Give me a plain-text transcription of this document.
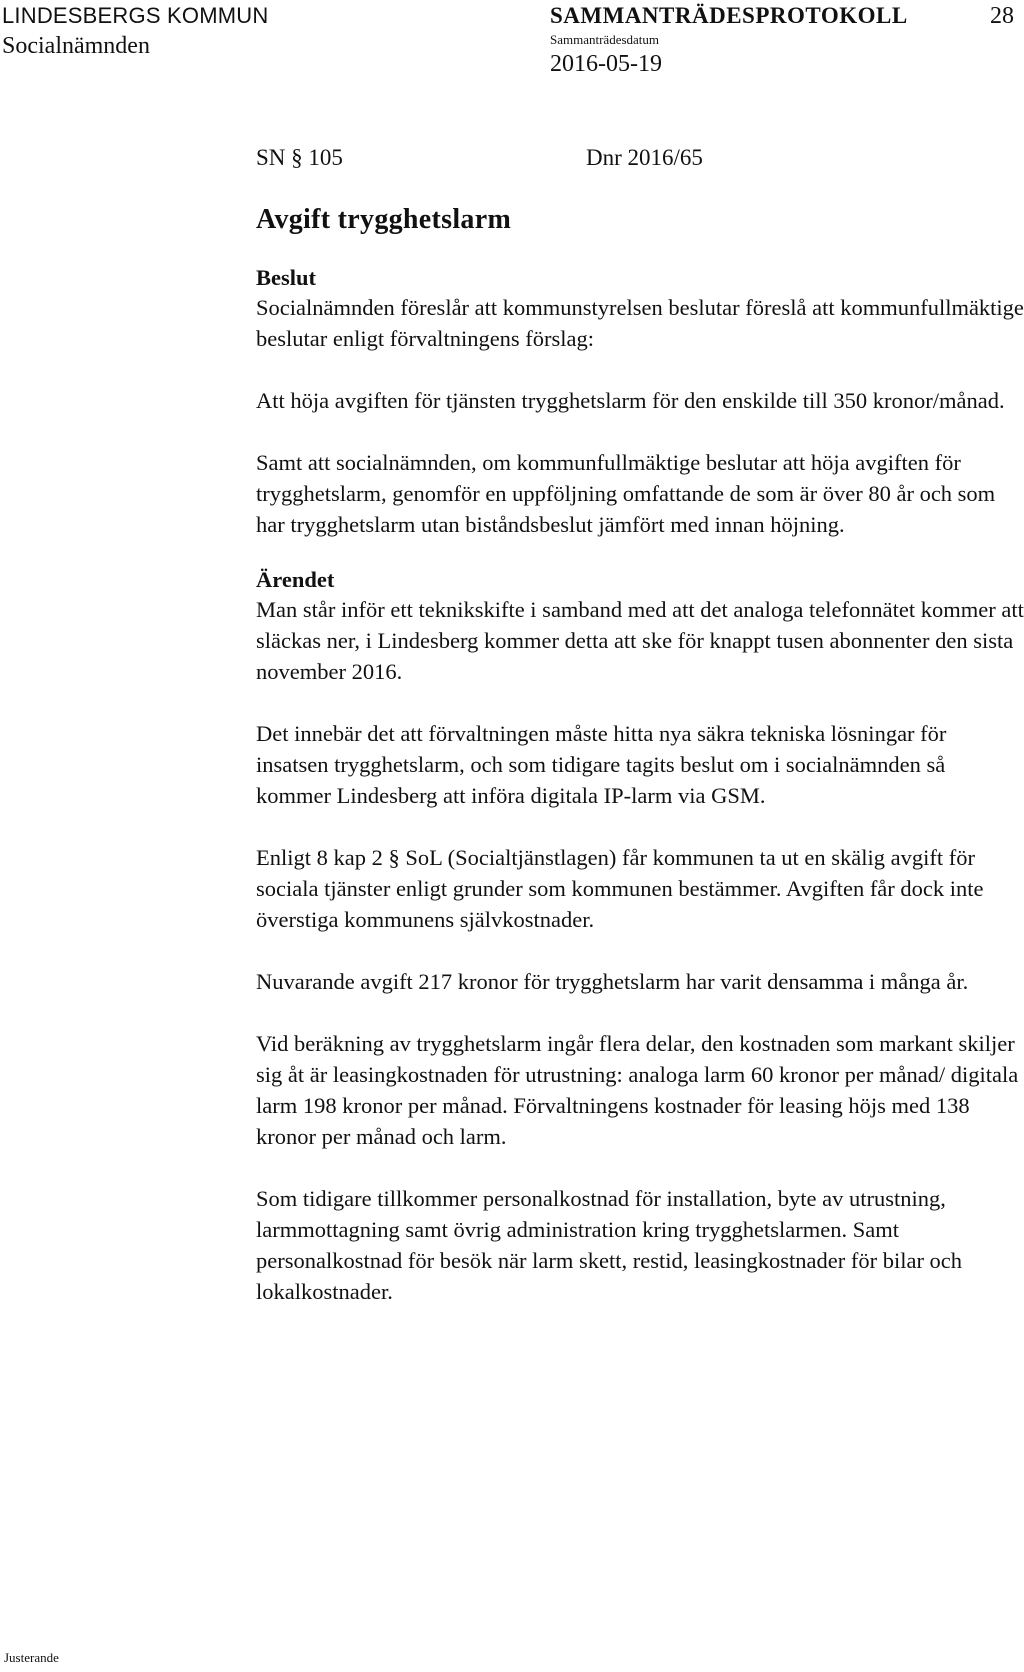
LINDESBERGS KOMMUN
Socialnämnden
SAMMANTRÄDESPROTOKOLL
Sammanträdesdatum
2016-05-19
28
SN § 105	Dnr 2016/65
Avgift trygghetslarm
Beslut

Socialnämnden föreslår att kommunstyrelsen beslutar föreslå att kommunfullmäktige beslutar enligt förvaltningens förslag:

Att höja avgiften för tjänsten trygghetslarm för den enskilde till 350 kronor/månad.

Samt att socialnämnden, om kommunfullmäktige beslutar att höja avgiften för trygghetslarm, genomför en uppföljning omfattande de som är över 80 år och som har trygghetslarm utan biståndsbeslut jämfört med innan höjning.

Ärendet

Man står inför ett teknikskifte i samband med att det analoga telefonnätet kommer att släckas ner, i Lindesberg kommer detta att ske för knappt tusen abonnenter den sista november 2016.

Det innebär det att förvaltningen måste hitta nya säkra tekniska lösningar för insatsen trygghetslarm, och som tidigare tagits beslut om i socialnämnden så kommer Lindesberg att införa digitala IP-larm via GSM.

Enligt 8 kap 2 § SoL (Socialtjänstlagen) får kommunen ta ut en skälig avgift för sociala tjänster enligt grunder som kommunen bestämmer. Avgiften får dock inte överstiga kommunens självkostnader.

Nuvarande avgift 217 kronor för trygghetslarm har varit densamma i många år.

Vid beräkning av trygghetslarm ingår flera delar, den kostnaden som markant skiljer sig åt är leasingkostnaden för utrustning: analoga larm 60 kronor per månad/ digitala larm 198 kronor per månad. Förvaltningens kostnader för leasing höjs med 138 kronor per månad och larm.

Som tidigare tillkommer personalkostnad för installation, byte av utrustning, larmmottagning samt övrig administration kring trygghetslarmen. Samt personalkostnad för besök när larm skett, restid, leasingkostnader för bilar och lokalkostnader.

Justerande
